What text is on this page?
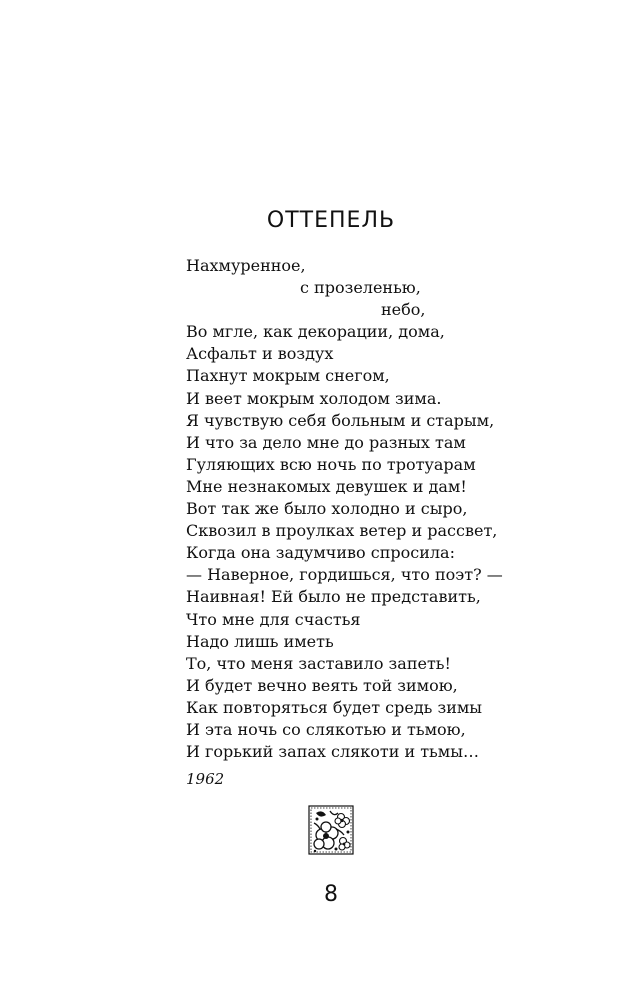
ОТТЕПЕЛЬ
Нахмуренное,
с прозеленью,
небо,
Во мгле, как декорации, дома,
Асфальт и воздух
Пахнут мокрым снегом,
И веет мокрым холодом зима.
Я чувствую себя больным и старым,
И что за дело мне до разных там
Гуляющих всю ночь по тротуарам
Мне незнакомых девушек и дам!
Вот так же было холодно и сыро,
Сквозил в проулках ветер и рассвет,
Когда она задумчиво спросила:
— Наверное, гордишься, что поэт? —
Наивная! Ей было не представить,
Что мне для счастья
Надо лишь иметь
То, что меня заставило запеть!
И будет вечно веять той зимою,
Как повторяться будет средь зимы
И эта ночь со слякотью и тьмою,
И горький запах слякоти и тьмы…
1962
8
